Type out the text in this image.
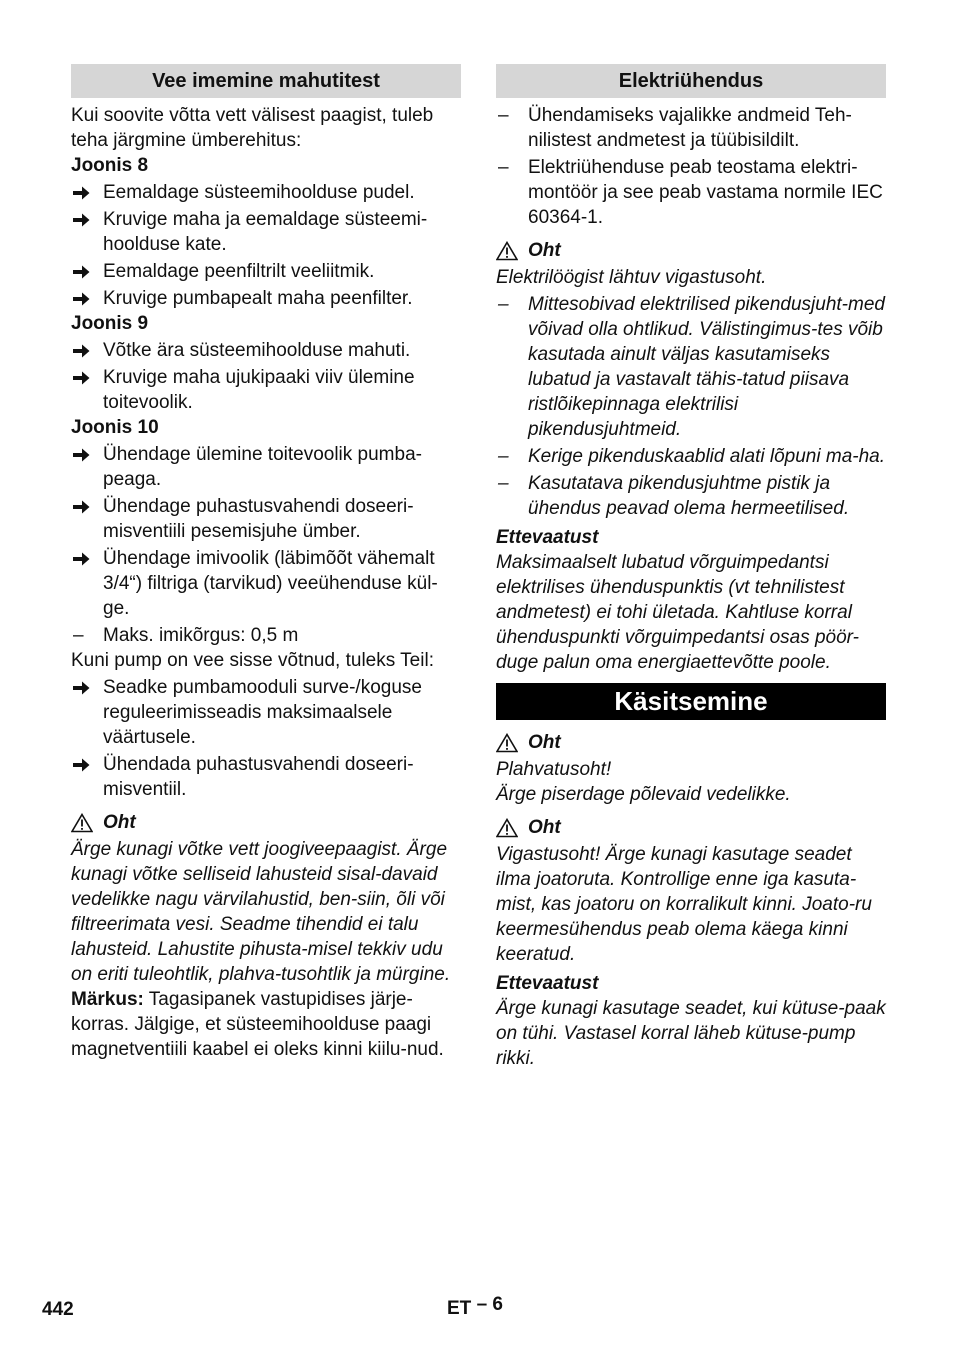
Vee imemine mahutitest

Kui soovite võtta vett välisest paagist, tuleb teha järgmine ümberehitus:

Joonis 8

Eemaldage süsteemihoolduse pudel.
Kruvige maha ja eemaldage süsteemi-hoolduse kate.
Eemaldage peenfiltrilt veeliitmik.
Kruvige pumbapealt maha peenfilter.

Joonis 9

Võtke ära süsteemihoolduse mahuti.
Kruvige maha ujukipaaki viiv ülemine toitevoolik.

Joonis 10

Ühendage ülemine toitevoolik pumba-peaga.
Ühendage puhastusvahendi doseeri-misventiili pesemisjuhe ümber.
Ühendage imivoolik (läbimõõt vähemalt 3/4“) filtriga (tarvikud) veeühenduse kül-ge.
– Maks. imikõrgus: 0,5 m

Kuni pump on vee sisse võtnud, tuleks Teil:

Seadke pumbamooduli surve-/koguse reguleerimisseadis maksimaalsele väärtusele.
Ühendada puhastusvahendi doseeri-misventiil.
Oht

Ärge kunagi võtke vett joogiveepaagist. Ärge kunagi võtke selliseid lahusteid sisal-davaid vedelikke nagu värvilahustid, ben-siin, õli või filtreerimata vesi. Seadme tihendid ei talu lahusteid. Lahustite pihusta-misel tekkiv udu on eriti tuleohtlik, plahva-tusohtlik ja mürgine.

Märkus: Tagasipanek vastupidises järje-korras. Jälgige, et süsteemihoolduse paagi magnetventiili kaabel ei oleks kinni kiilu-nud.

Elektriühendus
– Ühendamiseks vajalikke andmeid Teh-nilistest andmetest ja tüübisildilt.
– Elektriühenduse peab teostama elektri-montöör ja see peab vastama normile IEC 60364-1.
Oht

Elektrilöögist lähtuv vigastusoht.

– Mittesobivad elektrilised pikendusjuht-med võivad olla ohtlikud. Välistingimus-tes võib kasutada ainult väljas kasutamiseks lubatud ja vastavalt tähis-tatud piisava ristlõikepinnaga elektrilisi pikendusjuhtmeid.
– Kerige pikenduskaablid alati lõpuni ma-ha.
– Kasutatava pikendusjuhtme pistik ja ühendus peavad olema hermeetilised.

Ettevaatust

Maksimaalselt lubatud võrguimpedantsi elektrilises ühenduspunktis (vt tehnilistest andmetest) ei tohi ületada. Kahtluse korral ühenduspunkti võrguimpedantsi osas pöör-duge palun oma energiaettevõtte poole.

Käsitsemine
Oht

Plahvatusoht!

Ärge piserdage põlevaid vedelikke.

Oht

Vigastusoht! Ärge kunagi kasutage seadet ilma joatoruta. Kontrollige enne iga kasuta-mist, kas joatoru on korralikult kinni. Joato-ru keermesühendus peab olema käega kinni keeratud.

Ettevaatust

Ärge kunagi kasutage seadet, kui kütuse-paak on tühi. Vastasel korral läheb kütuse-pump rikki.

442	ET – 6
